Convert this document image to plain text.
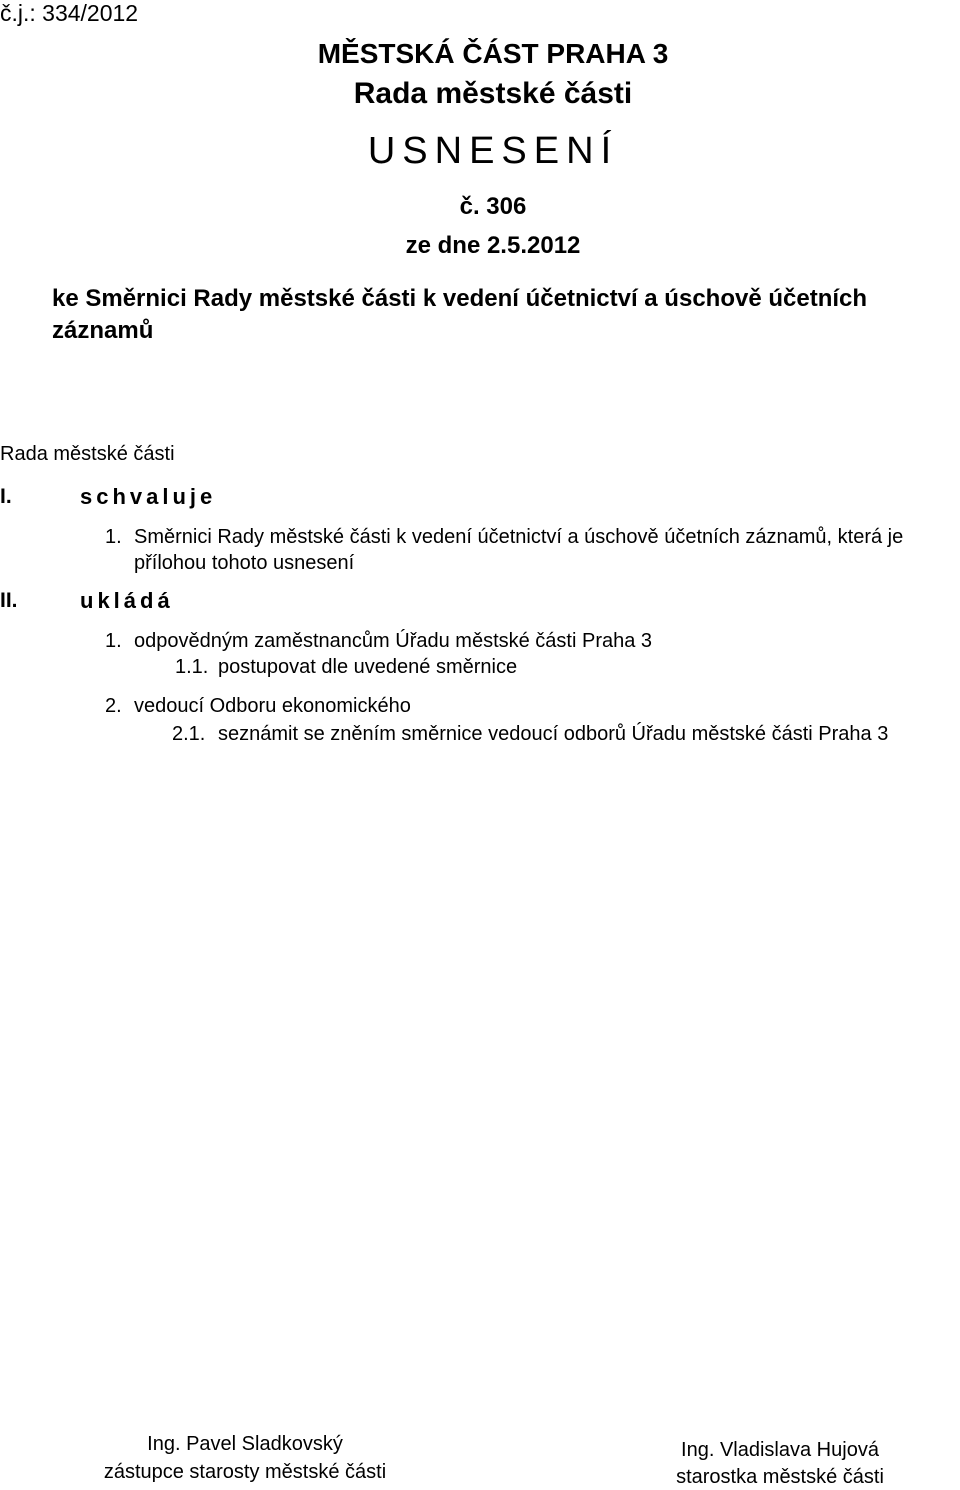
č.j.: 334/2012
MĚSTSKÁ ČÁST PRAHA 3
Rada městské části
USNESENÍ
č. 306
ze dne 2.5.2012
ke Směrnici Rady městské části k vedení účetnictví a úschově účetních záznamů
Rada městské části
I.	schvaluje
1. Směrnici Rady městské části k vedení účetnictví a úschově účetních záznamů, která je
přílohou tohoto usnesení
II.	ukládá
1. odpovědným zaměstnancům Úřadu městské části Praha 3
1.1. postupovat dle uvedené směrnice
2. vedoucí Odboru ekonomického
2.1. seznámit se zněním směrnice vedoucí odborů Úřadu městské části Praha 3
Ing. Pavel Sladkovský
zástupce starosty městské části
Ing. Vladislava Hujová
starostka městské části
